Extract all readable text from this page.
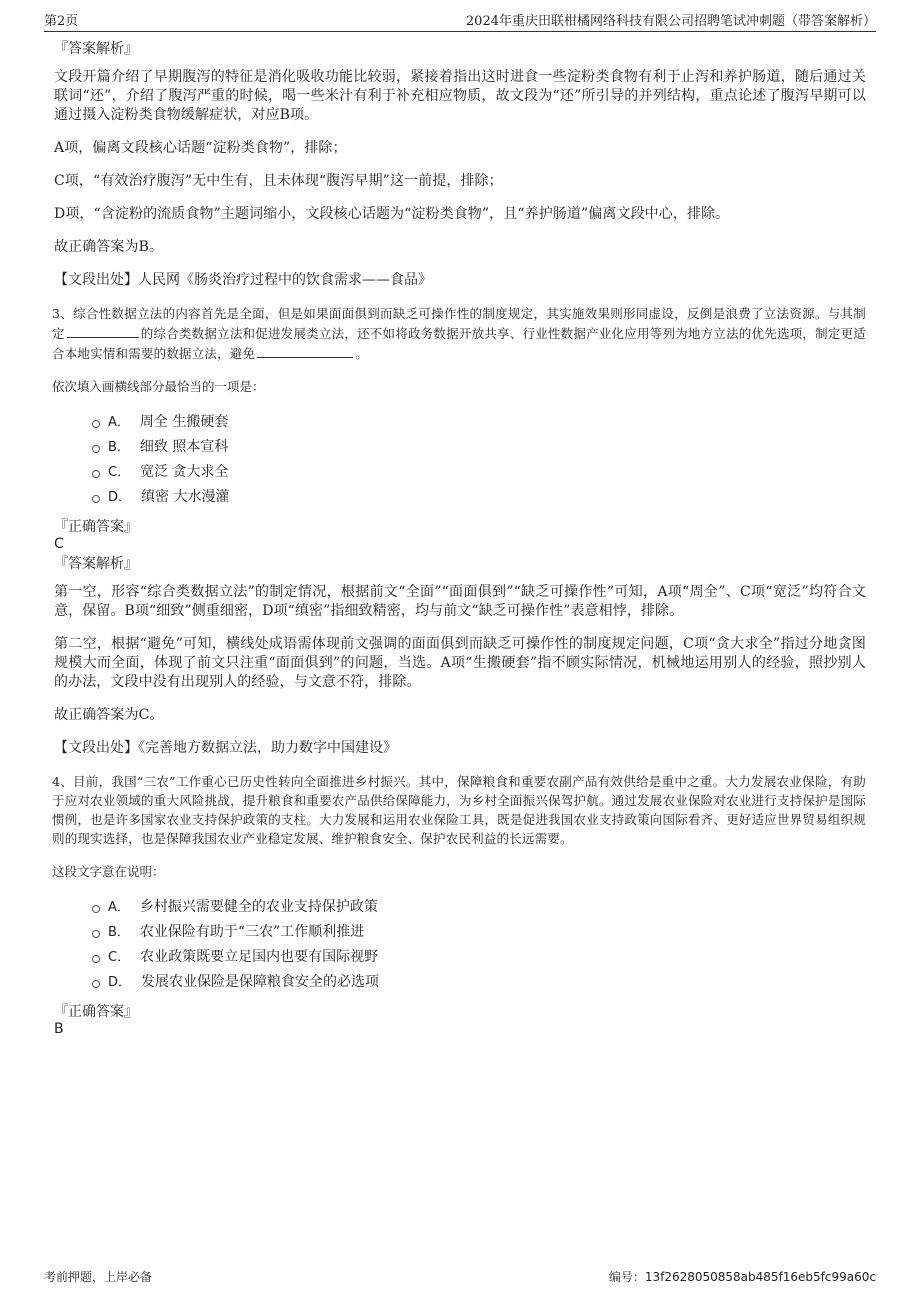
第2页	2024年重庆田联柑橘网络科技有限公司招聘笔试冲刺题（带答案解析）
『答案解析』

文段开篇介绍了早期腹泻的特征是消化吸收功能比较弱，紧接着指出这时进食一些淀粉类食物有利于止泻和养护肠道，随后通过关联词“还”，介绍了腹泻严重的时候，喝一些米汁有利于补充相应物质，故文段为“还”所引导的并列结构，重点论述了腹泻早期可以通过摄入淀粉类食物缓解症状，对应B项。

A项，偏离文段核心话题“淀粉类食物”，排除；

C项，“有效治疗腹泻”无中生有，且未体现“腹泻早期”这一前提，排除；

D项，“含淀粉的流质食物”主题词缩小，文段核心话题为“淀粉类食物”，且“养护肠道”偏离文段中心，排除。

故正确答案为B。

【文段出处】人民网《肠炎治疗过程中的饮食需求——食品》

3、综合性数据立法的内容首先是全面，但是如果面面俱到而缺乏可操作性的制度规定，其实施效果则形同虚设，反倒是浪费了立法资源。与其制定	的综合类数据立法和促进发展类立法，还不如将政务数据开放共享、行业性数据产业化应用等列为地方立法的优先选项，制定更适合本地实情和需要的数据立法，避免	。

依次填入画横线部分最恰当的一项是：

A． 周全 生搬硬套
B． 细致 照本宣科
C． 宽泛 贪大求全
D． 缜密 大水漫灌
『正确答案』

C

『答案解析』

第一空，形容“综合类数据立法”的制定情况，根据前文“全面”“面面俱到”“缺乏可操作性”可知，A项“周全”、C项“宽泛”均符合文意，保留。B项“细致”侧重细密，D项“缜密”指细致精密，均与前文“缺乏可操作性”表意相悖，排除。

第二空，根据“避免”可知，横线处成语需体现前文强调的面面俱到而缺乏可操作性的制度规定问题，C项“贪大求全”指过分地贪图规模大而全面，体现了前文只注重“面面俱到”的问题，当选。A项“生搬硬套”指不顾实际情况，机械地运用别人的经验，照抄别人的办法，文段中没有出现别人的经验，与文意不符，排除。

故正确答案为C。

【文段出处】《完善地方数据立法，助力数字中国建设》

4、目前，我国“三农”工作重心已历史性转向全面推进乡村振兴。其中，保障粮食和重要农副产品有效供给是重中之重。大力发展农业保险，有助于应对农业领域的重大风险挑战，提升粮食和重要农产品供给保障能力，为乡村全面振兴保驾护航。通过发展农业保险对农业进行支持保护是国际惯例，也是许多国家农业支持保护政策的支柱。大力发展和运用农业保险工具，既是促进我国农业支持政策向国际看齐、更好适应世界贸易组织规则的现实选择，也是保障我国农业产业稳定发展、维护粮食安全、保护农民利益的长远需要。

这段文字意在说明：

A． 乡村振兴需要健全的农业支持保护政策
B． 农业保险有助于“三农”工作顺利推进
C． 农业政策既要立足国内也要有国际视野
D． 发展农业保险是保障粮食安全的必选项
『正确答案』

B

考前押题，上岸必备	编号：13f2628050858ab485f16eb5fc99a60c
